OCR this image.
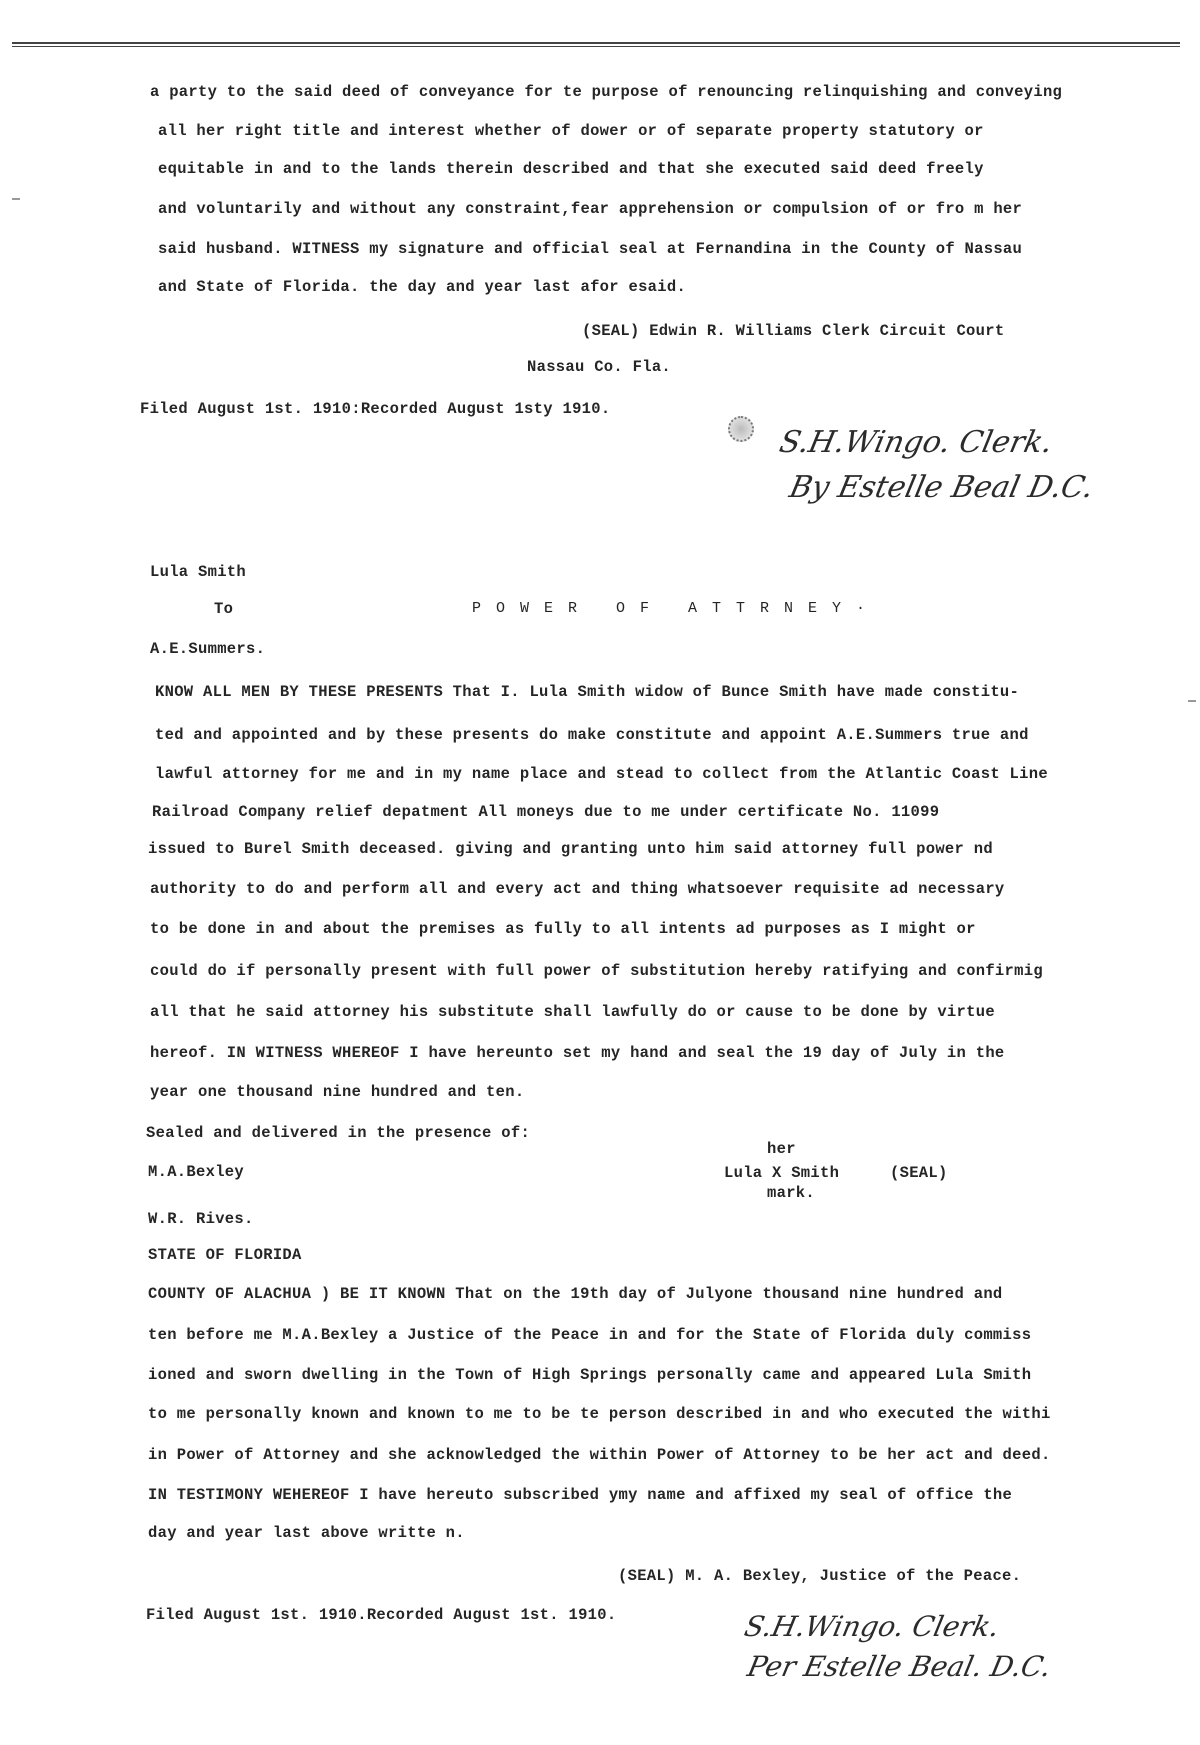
a party to the said deed of conveyance for te purpose of renouncing relinquishing and conveying
all her right title and interest whether of dower or of separate property statutory or
equitable in and to the lands therein described and that she executed said deed freely
and voluntarily and without any constraint,fear apprehension or compulsion of or fro m her
said husband. WITNESS my signature and official seal at Fernandina in the County of Nassau
and State of Florida. the day and year last afor esaid.
(SEAL) Edwin R. Williams Clerk Circuit Court
Nassau Co. Fla.
Filed August 1st. 1910:Recorded August 1sty 1910.
S.H.Wingo. Clerk.
By Estelle Beal D.C.
Lula Smith
To	POWER OF ATTRNEY·
A.E.Summers.
KNOW ALL MEN BY THESE PRESENTS That I. Lula Smith widow of Bunce Smith have made constitu-
ted and appointed and by these presents do make constitute and appoint A.E.Summers true and
lawful attorney for me and in my name place and stead to collect from the Atlantic Coast Line
Railroad Company relief depatment All moneys due to me under certificate No. 11099
issued to Burel Smith deceased. giving and granting unto him said attorney full power nd
authority to do and perform all and every act and thing whatsoever requisite ad necessary
to be done in and about the premises as fully to all intents ad purposes as I might or
could do if personally present with full power of substitution hereby ratifying and confirmig
all that he said attorney his substitute shall lawfully do or cause to be done by virtue
hereof. IN WITNESS WHEREOF I have hereunto set my hand and seal the 19 day of July in the
year one thousand nine hundred and ten.
Sealed and delivered in the presence of:
her
M.A.Bexley	Lula X Smith	(SEAL)
mark.
W.R. Rives.
STATE OF FLORIDA
COUNTY OF ALACHUA ) BE IT KNOWN That on the 19th day of Julyone thousand nine hundred and
ten before me M.A.Bexley a Justice of the Peace in and for the State of Florida duly commiss
ioned and sworn dwelling in the Town of High Springs personally came and appeared Lula Smith
to me personally known and known to me to be te person described in and who executed the withi
in Power of Attorney and she acknowledged the within Power of Attorney to be her act and deed.
IN TESTIMONY WEHEREOF I have hereuto subscribed ymy name and affixed my seal of office the
day and year last above writte n.
(SEAL) M. A. Bexley, Justice of the Peace.
Filed August 1st. 1910.Recorded August 1st. 1910.	S.H.Wingo. Clerk.
Per Estelle Beal. D.C.
